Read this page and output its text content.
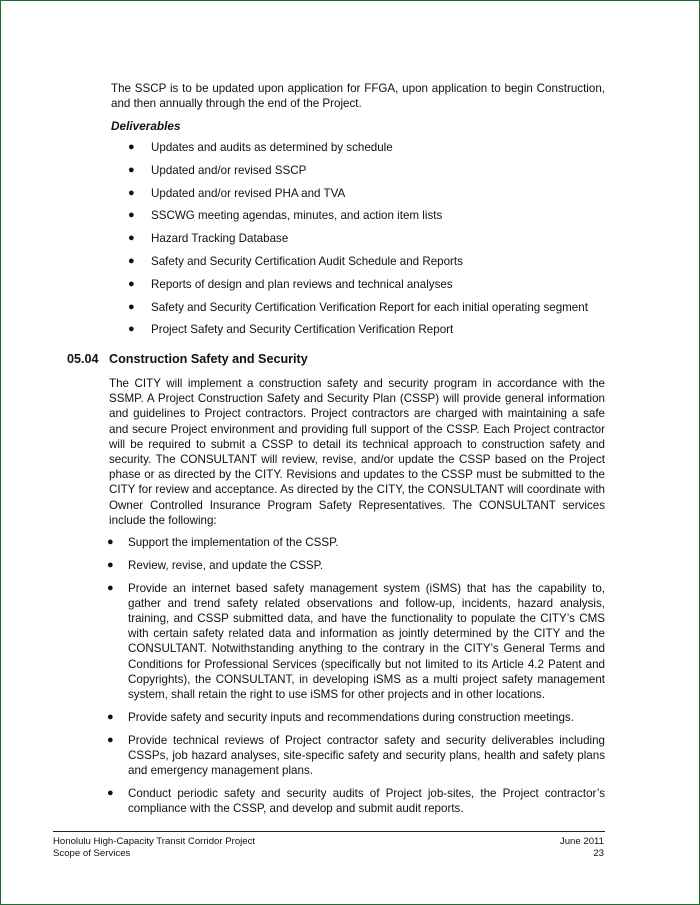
The SSCP is to be updated upon application for FFGA, upon application to begin Construction, and then annually through the end of the Project.

Deliverables

●	Updates and audits as determined by schedule
●	Updated and/or revised SSCP
●	Updated and/or revised PHA and TVA
●	SSCWG meeting agendas, minutes, and action item lists
●	Hazard Tracking Database
●	Safety and Security Certification Audit Schedule and Reports
●	Reports of design and plan reviews and technical analyses
●	Safety and Security Certification Verification Report for each initial operating segment
●	Project Safety and Security Certification Verification Report
05.04 Construction Safety and Security

The CITY will implement a construction safety and security program in accordance with the SSMP. A Project Construction Safety and Security Plan (CSSP) will provide general information and guidelines to Project contractors. Project contractors are charged with maintaining a safe and secure Project environment and providing full support of the CSSP. Each Project contractor will be required to submit a CSSP to detail its technical approach to construction safety and security. The CONSULTANT will review, revise, and/or update the CSSP based on the Project phase or as directed by the CITY. Revisions and updates to the CSSP must be submitted to the CITY for review and acceptance. As directed by the CITY, the CONSULTANT will coordinate with Owner Controlled Insurance Program Safety Representatives. The CONSULTANT services include the following:

●	Support the implementation of the CSSP.
●	Review, revise, and update the CSSP.
●	Provide an internet based safety management system (iSMS) that has the capability to, gather and trend safety related observations and follow-up, incidents, hazard analysis, training, and CSSP submitted data, and have the functionality to populate the CITY’s CMS with certain safety related data and information as jointly determined by the CITY and the CONSULTANT. Notwithstanding anything to the contrary in the CITY’s General Terms and Conditions for Professional Services (specifically but not limited to its Article 4.2 Patent and Copyrights), the CONSULTANT, in developing iSMS as a multi project safety management system, shall retain the right to use iSMS for other projects and in other locations.
●	Provide safety and security inputs and recommendations during construction meetings.
●	Provide technical reviews of Project contractor safety and security deliverables including CSSPs, job hazard analyses, site-specific safety and security plans, health and safety plans and emergency management plans.
●	Conduct periodic safety and security audits of Project job-sites, the Project contractor’s compliance with the CSSP, and develop and submit audit reports.
Honolulu High-Capacity Transit Corridor Project
Scope of Services
June 2011
23
